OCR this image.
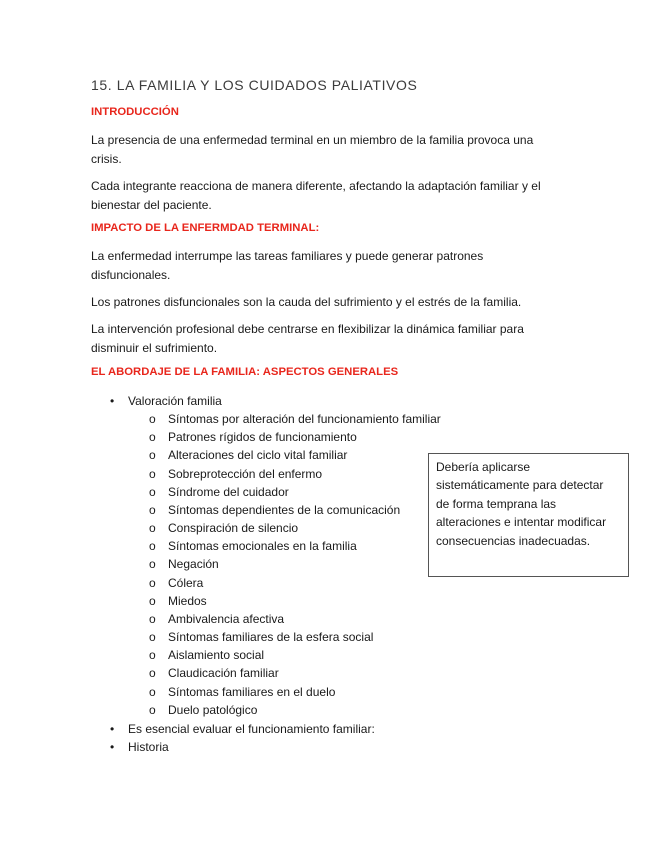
15. LA FAMILIA Y LOS CUIDADOS PALIATIVOS
INTRODUCCIÓN
La presencia de una enfermedad terminal en un miembro de la familia provoca una
crisis.
Cada integrante reacciona de manera diferente, afectando la adaptación familiar y el
bienestar del paciente.
IMPACTO DE LA ENFERMDAD TERMINAL:
La enfermedad interrumpe las tareas familiares y puede generar patrones
disfuncionales.
Los patrones disfuncionales son la cauda del sufrimiento y el estrés de la familia.
La intervención profesional debe centrarse en flexibilizar la dinámica familiar para
disminuir el sufrimiento.
EL ABORDAJE DE LA FAMILIA: ASPECTOS GENERALES
• Valoración familia
o Síntomas por alteración del funcionamiento familiar
o Patrones rígidos de funcionamiento
o Alteraciones del ciclo vital familiar
o Sobreprotección del enfermo
o Síndrome del cuidador
o Síntomas dependientes de la comunicación
o Conspiración de silencio
o Síntomas emocionales en la familia
o Negación
o Cólera
o Miedos
o Ambivalencia afectiva
o Síntomas familiares de la esfera social
o Aislamiento social
o Claudicación familiar
o Síntomas familiares en el duelo
o Duelo patológico
• Es esencial evaluar el funcionamiento familiar:
• Historia
Debería aplicarse
sistemáticamente para detectar
de forma temprana las
alteraciones e intentar modificar
consecuencias inadecuadas.
